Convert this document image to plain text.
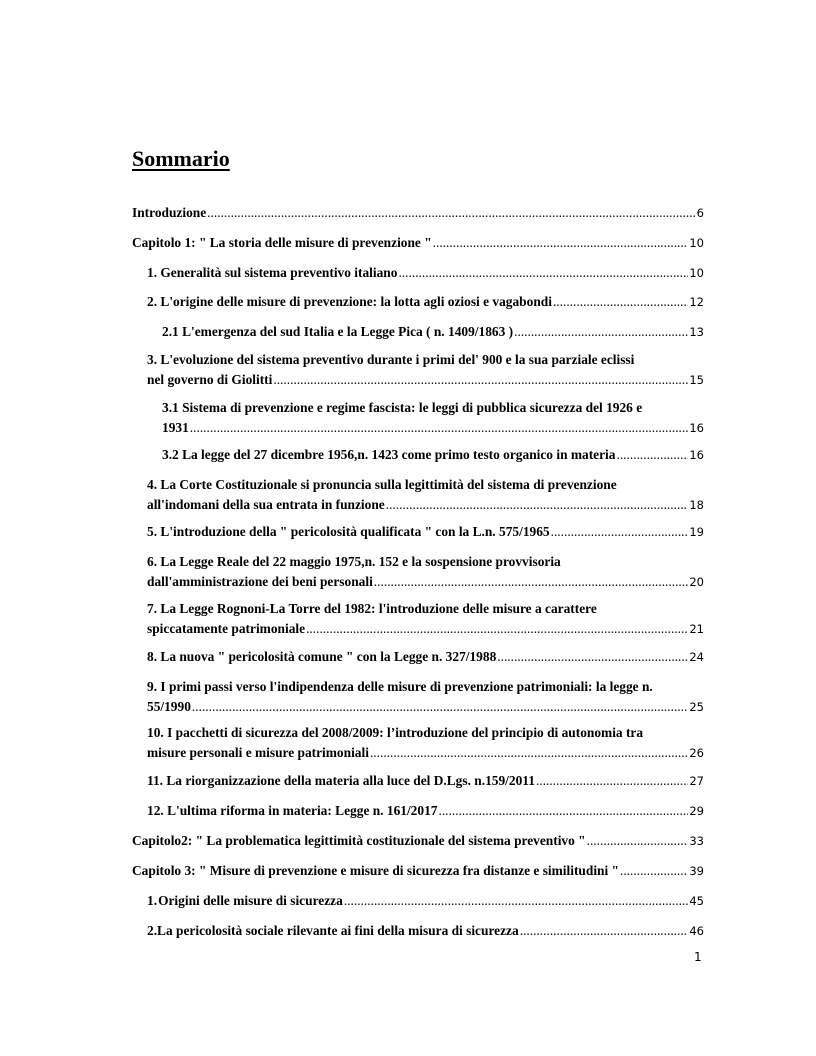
Sommario
Introduzione .....	6
Capitolo 1: " La storia delle misure di prevenzione " .....	10
1. Generalità sul sistema preventivo italiano .....	10
2. L'origine delle misure di prevenzione: la lotta agli oziosi e vagabondi .....	12
2.1 L'emergenza del sud Italia e la Legge Pica ( n. 1409/1863 ) .....	13
3. L'evoluzione del sistema preventivo durante i primi del' 900 e la sua parziale eclissi
nel governo di Giolitti .....	15
3.1 Sistema di prevenzione e regime fascista: le leggi di pubblica sicurezza del 1926 e
1931 .....	16
3.2 La legge del 27 dicembre 1956,n. 1423 come primo testo organico in materia .....	16
4. La Corte Costituzionale si pronuncia sulla legittimità del sistema di prevenzione
all'indomani della sua entrata in funzione .....	18
5. L'introduzione della " pericolosità qualificata " con la L.n. 575/1965 .....	19
6. La Legge Reale del 22 maggio 1975,n. 152 e la sospensione provvisoria
dall'amministrazione dei beni personali .....	20
7. La Legge Rognoni-La Torre del 1982: l'introduzione delle misure a carattere
spiccatamente patrimoniale .....	21
8. La nuova " pericolosità comune " con la Legge n. 327/1988 .....	24
9. I primi passi verso l'indipendenza delle misure di prevenzione patrimoniali: la legge n.
55/1990 .....	25
10. I pacchetti di sicurezza del 2008/2009: l’introduzione del principio di autonomia tra
misure personali e misure patrimoniali .....	26
11. La riorganizzazione della materia alla luce del D.Lgs. n.159/2011 .....	27
12. L'ultima riforma in materia: Legge n. 161/2017 .....	29
Capitolo2: " La problematica legittimità costituzionale del sistema preventivo " .....	33
Capitolo 3: " Misure di prevenzione e misure di sicurezza fra distanze e similitudini " .....	39
1. Origini delle misure di sicurezza .....	45
2. La pericolosità sociale rilevante ai fini della misura di sicurezza .....	46
1
